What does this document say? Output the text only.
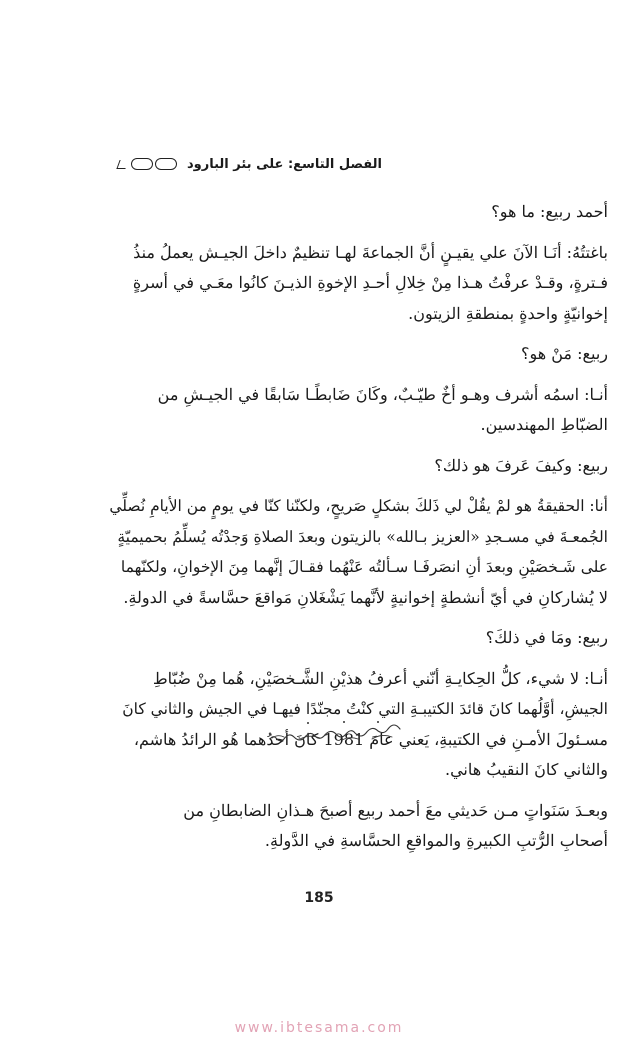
الفصل التاسع: على بئر البارود
أحمد ربيع: ما هو؟
باغتتُهُ: أنَـا الآنَ علي يقيـنٍ أنَّ الجماعةَ لهـا تنظيمٌ داخلَ الجيـش يعملُ منذُ
فـترةٍ، وقـدْ عرفْتُ هـذا مِنْ خِلالِ أحـدِ الإخوةِ الذيـنَ كانُوا معَـي في أسرةٍ
إخوانيّةٍ واحدةٍ بمنطقةِ الزيتون.
ربيع: مَنْ هو؟
أنـا: اسمُه أشرف وهـو أخٌ طيّـبٌ، وكَانَ ضَابطًـا سَابقًا في الجيـشِ من
الضبّاطِ المهندسين.
ربيع: وكيفَ عَرفَ هو ذلك؟
أنا: الحقيقةُ هو لمْ يقُلْ لي ذَلكَ بشكلٍ صَريحٍ، ولكنّنا كنّا في يومٍ من الأيامِ نُصلِّي
الجُمعـةَ في مسـجدِ «العزيز بـالله» بالزيتون وبعدَ الصلاةِ وَجدْتُه يُسلِّمُ بحميميّةٍ
على شَـخصَيْنِ وبعدَ أنِ انصَرفَـا سـألتُه عَنْهُما فقـالَ إنَّهما مِنَ الإخوانِ، ولكنّهما
لا يُشاركانِ في أيّ أنشطةٍ إخوانيةٍ لأنَّهما يَشْغَلانِ مَواقعَ حسَّاسةً في الدولةِ.
ربيع: ومَا في ذلكَ؟
أنـا: لا شيء، كلُّ الحِكايـةِ أنّني أعرفُ هذيْنِ الشَّـخصَيْنِ، هُما مِنْ ضُبّاطِ
الجيشِ، أوَّلُهما كانَ قائدَ الكتيبـةِ التي كنْتُ مجنّدًا فيهـا في الجيش والثاني كانَ
مسـئولَ الأمـنِ في الكتيبةِ، يَعني عامَ 1981 كانَ أحدُهما هُو الرائدُ هاشم،
والثاني كانَ النقيبُ هاني.
وبعـدَ سَنَواتٍ مـن حَديثي معَ أحمد ربيع أصبحَ هـذانِ الضابطانِ من
أصحابِ الرُّتبِ الكبيرةِ والمواقعِ الحسَّاسةِ في الدَّولةِ.
185
www.ibtesama.com
